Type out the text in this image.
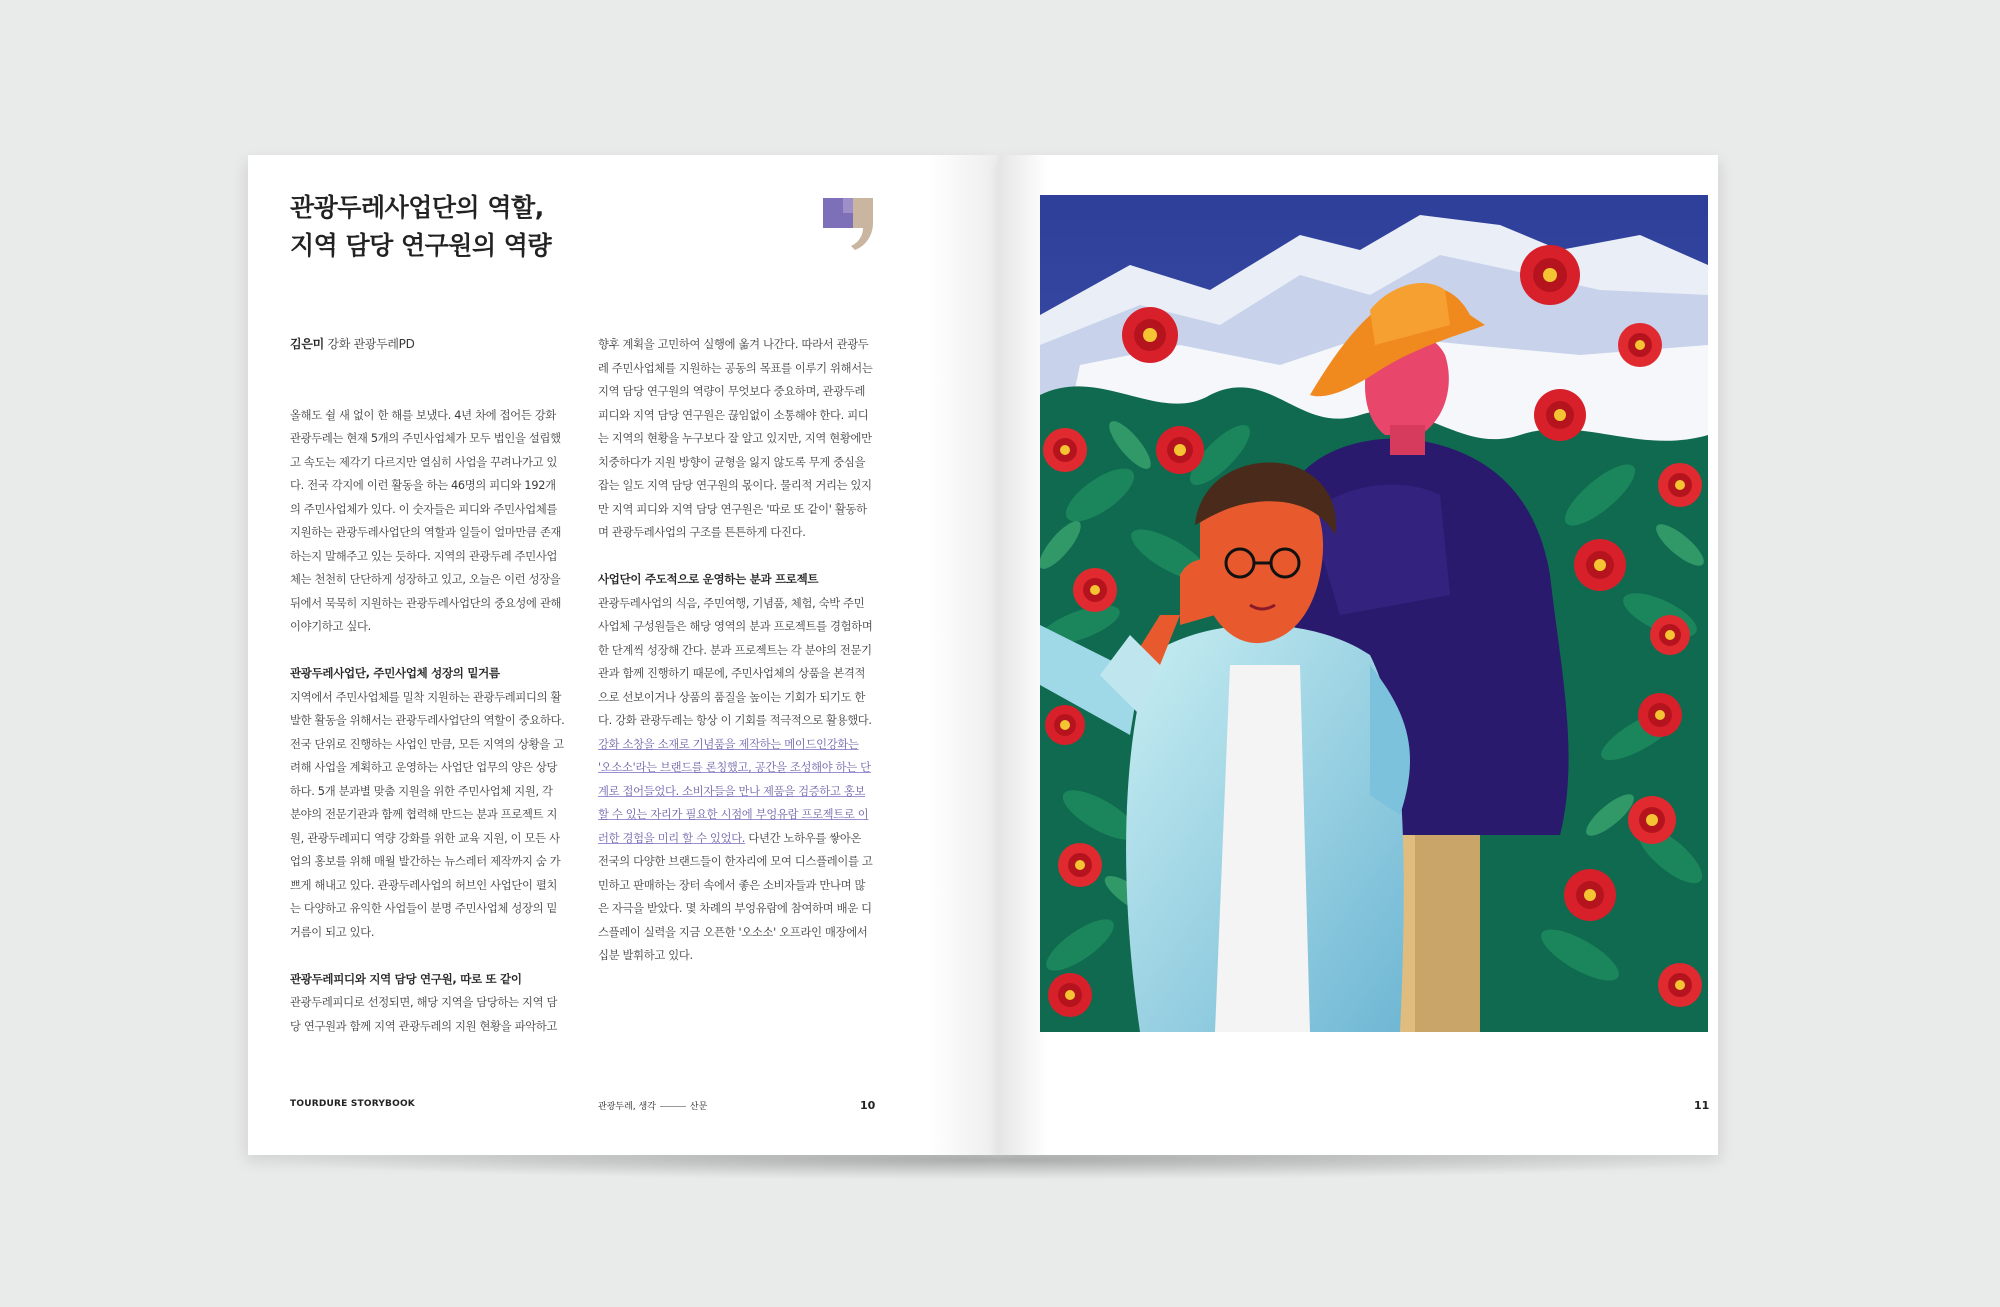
관광두레사업단의 역할,
지역 담당 연구원의 역량
김은미 강화 관광두레PD

올해도 쉴 새 없이 한 해를 보냈다. 4년 차에 접어든 강화 관광두레는 현재 5개의 주민사업체가 모두 법인을 설립했고 속도는 제각기 다르지만 열심히 사업을 꾸려나가고 있다. 전국 각지에 이런 활동을 하는 46명의 피디와 192개의 주민사업체가 있다. 이 숫자들은 피디와 주민사업체를 지원하는 관광두레사업단의 역할과 일들이 얼마만큼 존재하는지 말해주고 있는 듯하다. 지역의 관광두레 주민사업체는 천천히 단단하게 성장하고 있고, 오늘은 이런 성장을 뒤에서 묵묵히 지원하는 관광두레사업단의 중요성에 관해 이야기하고 싶다.

관광두레사업단, 주민사업체 성장의 밑거름

지역에서 주민사업체를 밀착 지원하는 관광두레피디의 활발한 활동을 위해서는 관광두레사업단의 역할이 중요하다. 전국 단위로 진행하는 사업인 만큼, 모든 지역의 상황을 고려해 사업을 계획하고 운영하는 사업단 업무의 양은 상당하다. 5개 분과별 맞춤 지원을 위한 주민사업체 지원, 각 분야의 전문기관과 함께 협력해 만드는 분과 프로젝트 지원, 관광두레피디 역량 강화를 위한 교육 지원, 이 모든 사업의 홍보를 위해 매월 발간하는 뉴스레터 제작까지 숨 가쁘게 해내고 있다. 관광두레사업의 허브인 사업단이 펼치는 다양하고 유익한 사업들이 분명 주민사업체 성장의 밑거름이 되고 있다.

관광두레피디와 지역 담당 연구원, 따로 또 같이

관광두레피디로 선정되면, 해당 지역을 담당하는 지역 담당 연구원과 함께 지역 관광두레의 지원 현황을 파악하고

향후 계획을 고민하여 실행에 옮겨 나간다. 따라서 관광두레 주민사업체를 지원하는 공동의 목표를 이루기 위해서는 지역 담당 연구원의 역량이 무엇보다 중요하며, 관광두레피디와 지역 담당 연구원은 끊임없이 소통해야 한다. 피디는 지역의 현황을 누구보다 잘 알고 있지만, 지역 현황에만 치중하다가 지원 방향이 균형을 잃지 않도록 무게 중심을 잡는 일도 지역 담당 연구원의 몫이다. 물리적 거리는 있지만 지역 피디와 지역 담당 연구원은 '따로 또 같이' 활동하며 관광두레사업의 구조를 튼튼하게 다진다.

사업단이 주도적으로 운영하는 분과 프로젝트

관광두레사업의 식음, 주민여행, 기념품, 체험, 숙박 주민사업체 구성원들은 해당 영역의 분과 프로젝트를 경험하며 한 단계씩 성장해 간다. 분과 프로젝트는 각 분야의 전문기관과 함께 진행하기 때문에, 주민사업체의 상품을 본격적으로 선보이거나 상품의 품질을 높이는 기회가 되기도 한다. 강화 관광두레는 항상 이 기회를 적극적으로 활용했다. 강화 소창을 소재로 기념품을 제작하는 메이드인강화는 '오소소'라는 브랜드를 론칭했고, 공간을 조성해야 하는 단계로 접어들었다. 소비자들을 만나 제품을 검증하고 홍보할 수 있는 자리가 필요한 시점에 부엉유람 프로젝트로 이러한 경험을 미리 할 수 있었다. 다년간 노하우를 쌓아온 전국의 다양한 브랜드들이 한자리에 모여 디스플레이를 고민하고 판매하는 장터 속에서 좋은 소비자들과 만나며 많은 자극을 받았다. 몇 차례의 부엉유람에 참여하며 배운 디스플레이 실력을 지금 오픈한 '오소소' 오프라인 매장에서 십분 발휘하고 있다.

TOURDURE STORYBOOK	관광두레, 생각	산문	10	11
